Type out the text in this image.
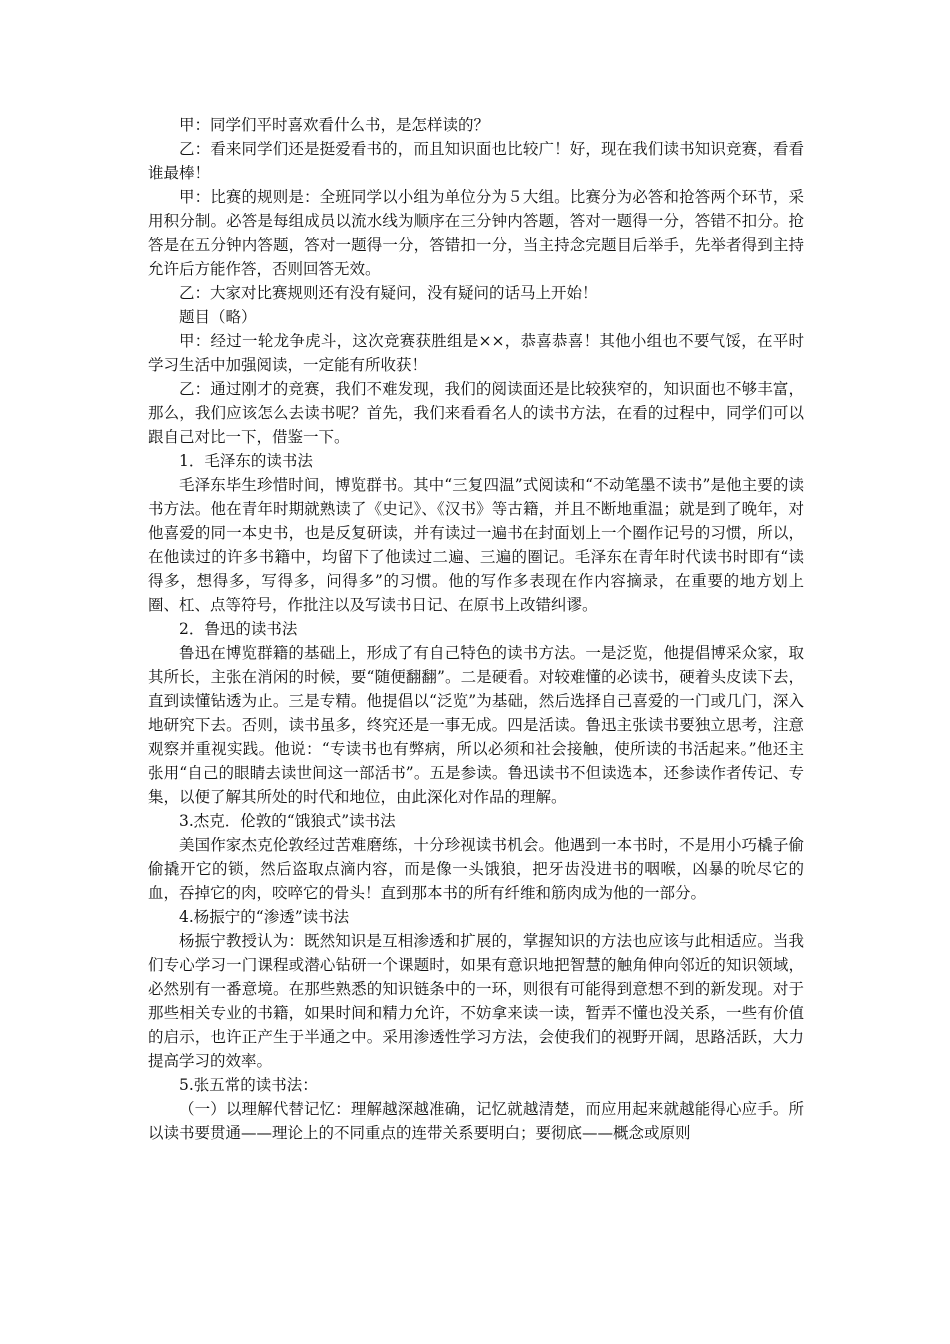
甲：同学们平时喜欢看什么书，是怎样读的？

乙：看来同学们还是挺爱看书的，而且知识面也比较广！好，现在我们读书知识竞赛，看看谁最棒！

甲：比赛的规则是：全班同学以小组为单位分为５大组。比赛分为必答和抢答两个环节，采用积分制。必答是每组成员以流水线为顺序在三分钟内答题，答对一题得一分，答错不扣分。抢答是在五分钟内答题，答对一题得一分，答错扣一分，当主持念完题目后举手，先举者得到主持允许后方能作答，否则回答无效。

乙：大家对比赛规则还有没有疑问，没有疑问的话马上开始！

题目（略）

甲：经过一轮龙争虎斗，这次竞赛获胜组是××，恭喜恭喜！其他小组也不要气馁，在平时学习生活中加强阅读，一定能有所收获！

乙：通过刚才的竞赛，我们不难发现，我们的阅读面还是比较狭窄的，知识面也不够丰富，那么，我们应该怎么去读书呢？首先，我们来看看名人的读书方法，在看的过程中，同学们可以跟自己对比一下，借鉴一下。

1．毛泽东的读书法

毛泽东毕生珍惜时间，博览群书。其中“三复四温”式阅读和“不动笔墨不读书”是他主要的读书方法。他在青年时期就熟读了《史记》、《汉书》等古籍，并且不断地重温；就是到了晚年，对他喜爱的同一本史书，也是反复研读，并有读过一遍书在封面划上一个圈作记号的习惯，所以，在他读过的许多书籍中，均留下了他读过二遍、三遍的圈记。毛泽东在青年时代读书时即有“读得多，想得多，写得多，问得多”的习惯。他的写作多表现在作内容摘录，在重要的地方划上圈、杠、点等符号，作批注以及写读书日记、在原书上改错纠谬。

2．鲁迅的读书法

鲁迅在博览群籍的基础上，形成了有自己特色的读书方法。一是泛览，他提倡博采众家，取其所长，主张在消闲的时候，要“随便翻翻”。二是硬看。对较难懂的必读书，硬着头皮读下去，直到读懂钻透为止。三是专精。他提倡以“泛览”为基础，然后选择自己喜爱的一门或几门，深入地研究下去。否则，读书虽多，终究还是一事无成。四是活读。鲁迅主张读书要独立思考，注意观察并重视实践。他说：“专读书也有弊病，所以必须和社会接触，使所读的书活起来。”他还主张用“自己的眼睛去读世间这一部活书”。五是参读。鲁迅读书不但读选本，还参读作者传记、专集，以便了解其所处的时代和地位，由此深化对作品的理解。

3.杰克．伦敦的“饿狼式”读书法

美国作家杰克伦敦经过苦难磨练，十分珍视读书机会。他遇到一本书时，不是用小巧橇子偷偷撬开它的锁，然后盗取点滴内容，而是像一头饿狼，把牙齿没进书的咽喉，凶暴的吮尽它的血，吞掉它的肉，咬啐它的骨头！直到那本书的所有纤维和筋肉成为他的一部分。

4.杨振宁的“渗透”读书法

杨振宁教授认为：既然知识是互相渗透和扩展的，掌握知识的方法也应该与此相适应。当我们专心学习一门课程或潜心钻研一个课题时，如果有意识地把智慧的触角伸向邻近的知识领域，必然别有一番意境。在那些熟悉的知识链条中的一环，则很有可能得到意想不到的新发现。对于那些相关专业的书籍，如果时间和精力允许，不妨拿来读一读，暂弄不懂也没关系，一些有价值的启示，也许正产生于半通之中。采用渗透性学习方法，会使我们的视野开阔，思路活跃，大力提高学习的效率。

5.张五常的读书法：

（一）以理解代替记忆：理解越深越准确，记忆就越清楚，而应用起来就越能得心应手。所以读书要贯通——理论上的不同重点的连带关系要明白；要彻底——概念或原则
